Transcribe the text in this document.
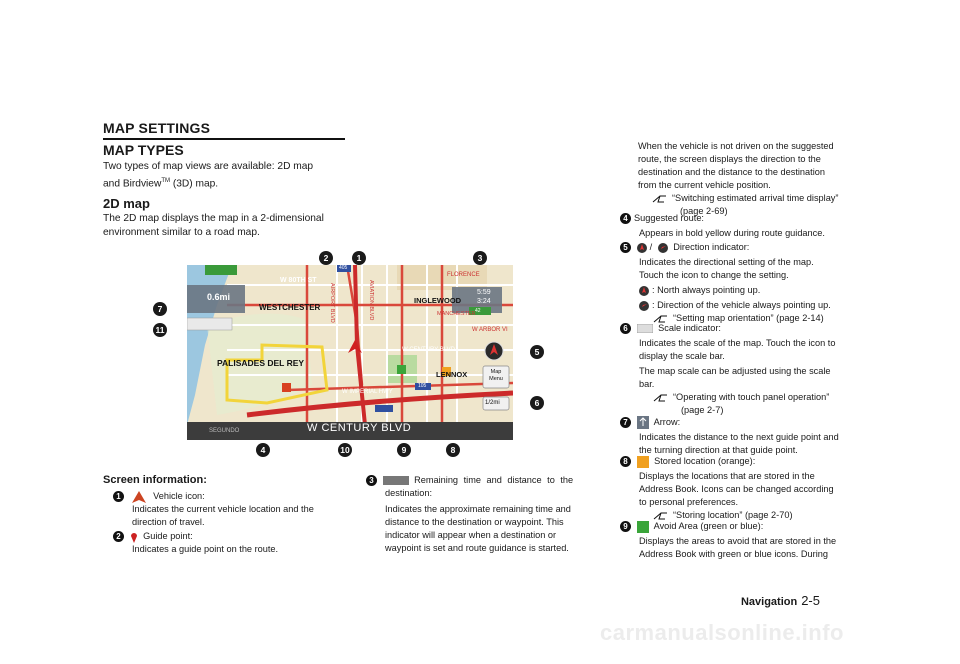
MAP SETTINGS
MAP TYPES
Two types of map views are available: 2D map
and Birdview™ (3D) map.
2D map
The 2D map displays the map in a 2-dimensional
environment similar to a road map.
W 80TH ST
WESTCHESTER
PALISADES DEL REY
INGLEWOOD
LENNOX
W CENTURY BLVD
W IMPERIAL HWY
W ARBOR VI
FLORENCE
W CENTURY BLVD
SEGUNDO
AIRPORT BLVD	AVIATION BLVD	MANCHESTER
0.6mi	5:59
3:24
405
105
42
Map Menu
1/2mi
2	1	3
7
11
5
6
4	10	9	8
Screen information:
1	Vehicle icon:
Indicates the current vehicle location and the
direction of travel.
2 Guide point:
Indicates a guide point on the route.
3	Remaining time and distance to the
destination:
Indicates the approximate remaining time and
distance to the destination or waypoint. This
indicator will appear when a destination or
waypoint is set and route guidance is started.
When the vehicle is not driven on the suggested
route, the screen displays the direction to the
destination and the distance to the destination
from the current vehicle position.
“Switching estimated arrival time display”
(page 2-69)
4 Suggested route:
Appears in bold yellow during route guidance.
5 / Direction indicator:
Indicates the directional setting of the map.
Touch the icon to change the setting.
: North always pointing up.
: Direction of the vehicle always pointing up.
“Setting map orientation” (page 2-14)
6	Scale indicator:
Indicates the scale of the map. Touch the icon to
display the scale bar.
The map scale can be adjusted using the scale
bar.
“Operating with touch panel operation”
(page 2-7)
7	Arrow:
Indicates the distance to the next guide point and
the turning direction at that guide point.
8	Stored location (orange):
Displays the locations that are stored in the
Address Book. Icons can be changed according
to personal preferences.
“Storing location” (page 2-70)
9	Avoid Area (green or blue):
Displays the areas to avoid that are stored in the
Address Book with green or blue icons. During
Navigation 2-5
carmanualsonline.info
